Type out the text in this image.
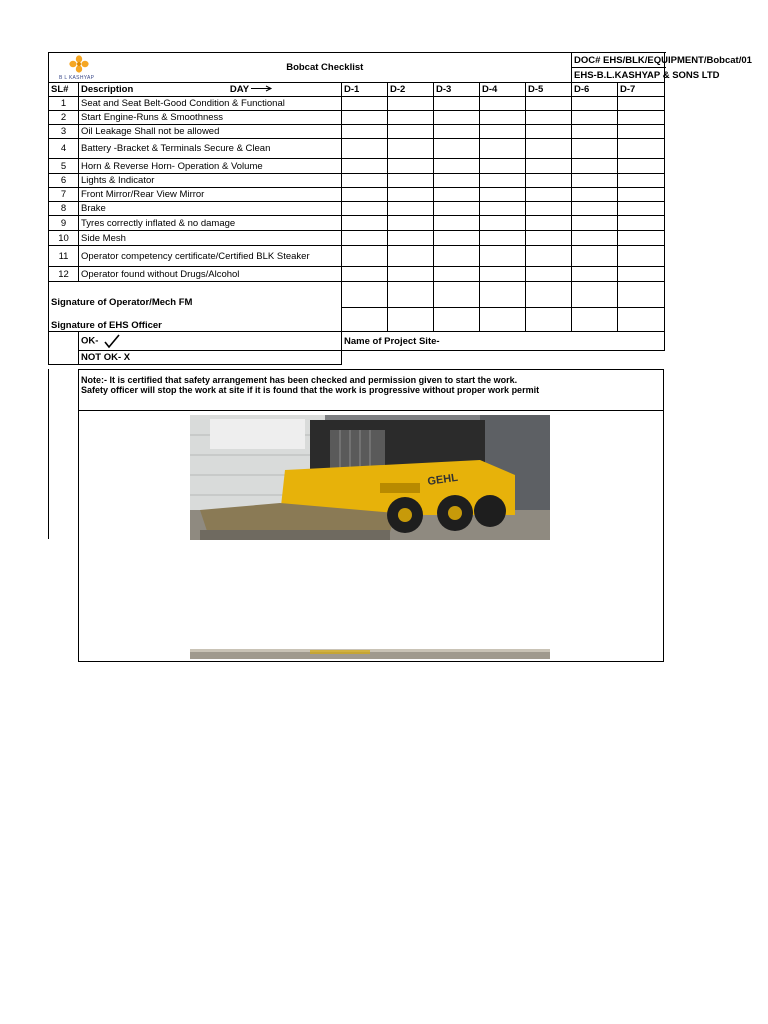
B L KASHYAP	Bobcat Checklist						DOC# EHS/BLK/EQUIPMENT/Bobcat/01	
							EHS-B.L.KASHYAP & SONS LTD	
SL#	Description DAY	D-1	D-2	D-3	D-4	D-5	D-6	D-7
1	Seat and Seat Belt-Good Condition & Functional							
2	Start Engine-Runs & Smoothness							
3	Oil Leakage Shall not be allowed							
4	Battery -Bracket & Terminals Secure & Clean							
5	Horn & Reverse Horn- Operation & Volume							
6	Lights & Indicator							
7	Front Mirror/Rear View Mirror							
8	Brake							
9	Tyres correctly inflated & no damage							
10	Side Mesh							
11	Operator competency certificate/Certified BLK Steaker							
12	Operator found without Drugs/Alcohol							
Signature of Operator/Mech FM								
Signature of EHS Officer								
	OK-	Name of Project Site-						
	NOT OK- X							
Note:- It is certified that safety arrangement has been checked and permission given to start the work.
Safety officer will stop the work at site if it is found that the work is progressive without proper work permit
GEHL
